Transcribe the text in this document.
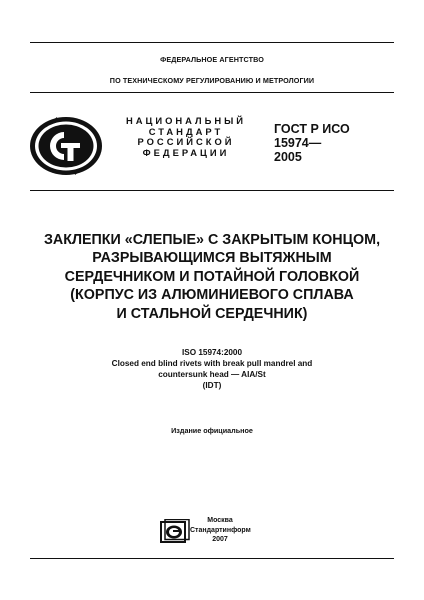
ФЕДЕРАЛЬНОЕ АГЕНТСТВО
ПО ТЕХНИЧЕСКОМУ РЕГУЛИРОВАНИЮ И МЕТРОЛОГИИ
НАЦИОНАЛЬНЫЙ
СТАНДАРТ
РОССИЙСКОЙ
ФЕДЕРАЦИИ
ГОСТ Р ИСО
15974—
2005
ЗАКЛЕПКИ «СЛЕПЫЕ» С ЗАКРЫТЫМ КОНЦОМ,
РАЗРЫВАЮЩИМСЯ ВЫТЯЖНЫМ
СЕРДЕЧНИКОМ И ПОТАЙНОЙ ГОЛОВКОЙ
(КОРПУС ИЗ АЛЮМИНИЕВОГО СПЛАВА
И СТАЛЬНОЙ СЕРДЕЧНИК)
ISO 15974:2000
Closed end blind rivets with break pull mandrel and
countersunk head — AIA/St
(IDT)
Издание официальное
Москва
Стандартинформ
2007
